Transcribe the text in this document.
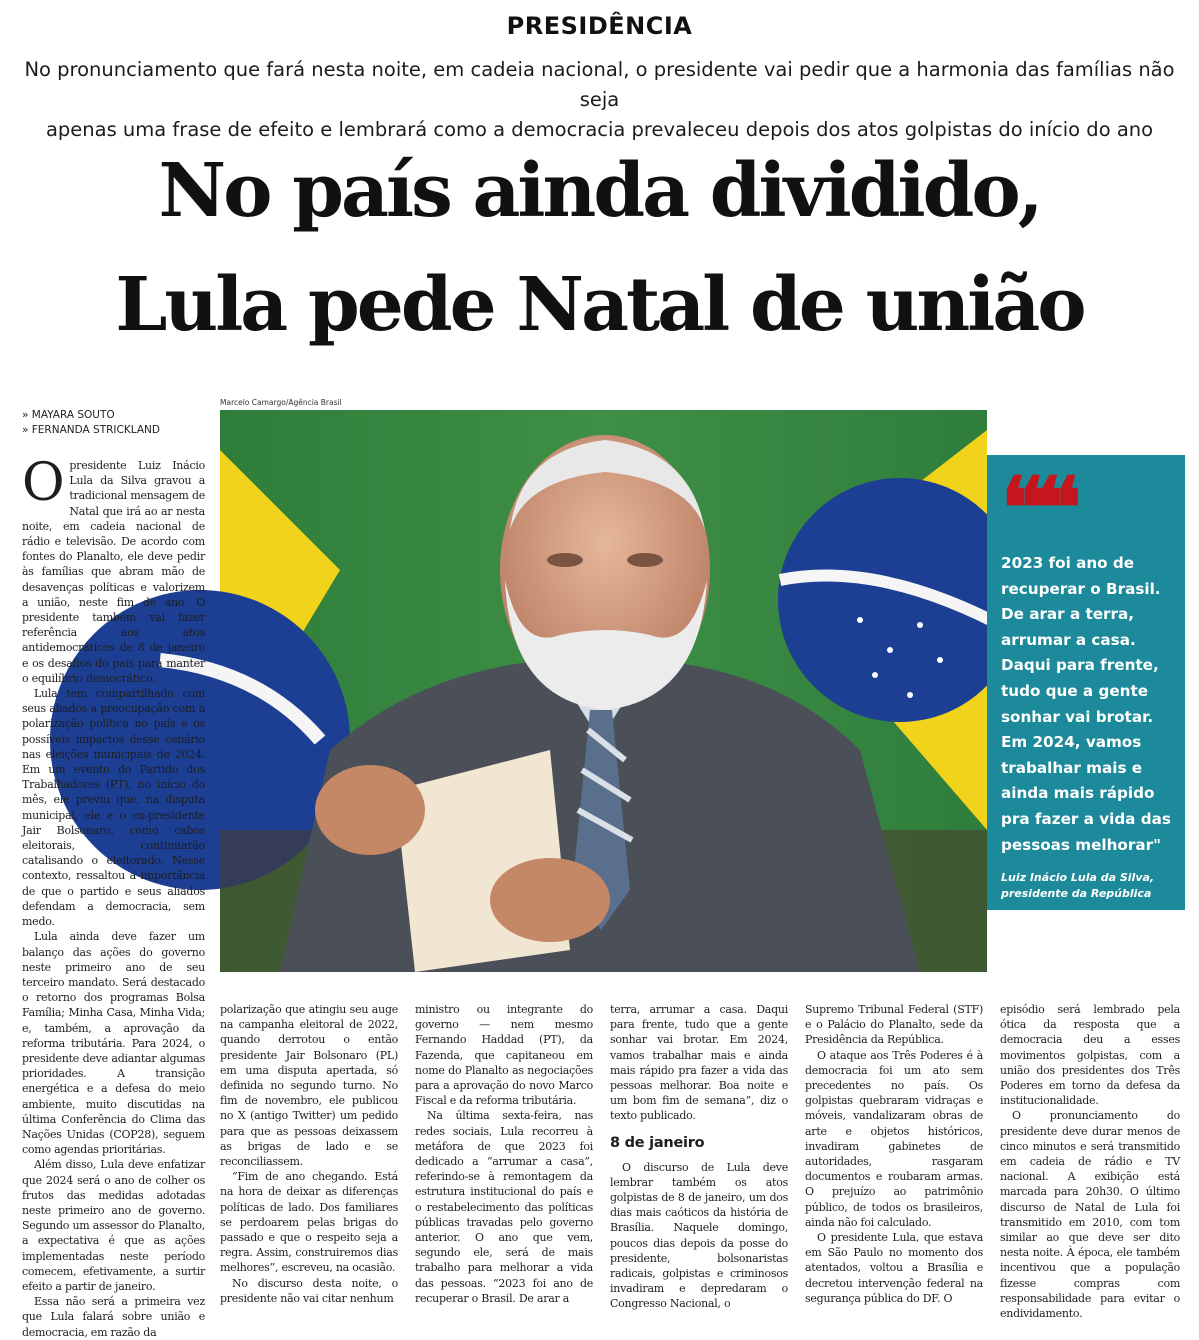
PRESIDÊNCIA
No pronunciamento que fará nesta noite, em cadeia nacional, o presidente vai pedir que a harmonia das famílias não seja
apenas uma frase de efeito e lembrará como a democracia prevaleceu depois dos atos golpistas do início do ano
No país ainda dividido,
Lula pede Natal de união
» MAYARA SOUTO
» FERNANDA STRICKLAND
Marcelo Camargo/Agência Brasil
❝❝
2023 foi ano de recuperar o Brasil. De arar a terra, arrumar a casa. Daqui para frente, tudo que a gente sonhar vai brotar. Em 2024, vamos trabalhar mais e ainda mais rápido pra fazer a vida das pessoas melhorar"
Luiz Inácio Lula da Silva,
presidente da República

Opresidente Luiz Inácio Lula da Silva gravou a tradicional mensagem de Natal que irá ao ar nesta noite, em cadeia nacional de rádio e televisão. De acordo com fontes do Planalto, ele deve pedir às famílias que abram mão de desavenças políticas e valorizem a união, neste fim de ano. O presidente também vai fazer referência aos atos antidemocráticos de 8 de janeiro e os desafios do país para manter o equilíbrio democrático.

Lula tem compartilhado com seus aliados a preocupação com a polarização política no país e os possíveis impactos desse cenário nas eleições municipais de 2024. Em um evento do Partido dos Trabalhadores (PT), no início do mês, ele previu que, na disputa municipal, ele e o ex-presidente Jair Bolsonaro, como cabos eleitorais, continuarão catalisando o eleitorado. Nesse contexto, ressaltou a importância de que o partido e seus aliados defendam a democracia, sem medo.

Lula ainda deve fazer um balanço das ações do governo neste primeiro ano de seu terceiro mandato. Será destacado o retorno dos programas Bolsa Família; Minha Casa, Minha Vida; e, também, a aprovação da reforma tributária. Para 2024, o presidente deve adiantar algumas prioridades. A transição energética e a defesa do meio ambiente, muito discutidas na última Conferência do Clima das Nações Unidas (COP28), seguem como agendas prioritárias.

Além disso, Lula deve enfatizar que 2024 será o ano de colher os frutos das medidas adotadas neste primeiro ano de governo. Segundo um assessor do Planalto, a expectativa é que as ações implementadas neste período comecem, efetivamente, a surtir efeito a partir de janeiro.

Essa não será a primeira vez que Lula falará sobre união e democracia, em razão da

polarização que atingiu seu auge na campanha eleitoral de 2022, quando derrotou o então presidente Jair Bolsonaro (PL) em uma disputa apertada, só definida no segundo turno. No fim de novembro, ele publicou no X (antigo Twitter) um pedido para que as pessoas deixassem as brigas de lado e se reconciliassem.

“Fim de ano chegando. Está na hora de deixar as diferenças políticas de lado. Dos familiares se perdoarem pelas brigas do passado e que o respeito seja a regra. Assim, construiremos dias melhores”, escreveu, na ocasião.

No discurso desta noite, o presidente não vai citar nenhum

ministro ou integrante do governo — nem mesmo Fernando Haddad (PT), da Fazenda, que capitaneou em nome do Planalto as negociações para a aprovação do novo Marco Fiscal e da reforma tributária.

Na última sexta-feira, nas redes sociais, Lula recorreu à metáfora de que 2023 foi dedicado a “arrumar a casa”, referindo-se à remontagem da estrutura institucional do país e o restabelecimento das políticas públicas travadas pelo governo anterior. O ano que vem, segundo ele, será de mais trabalho para melhorar a vida das pessoas. “2023 foi ano de recuperar o Brasil. De arar a

terra, arrumar a casa. Daqui para frente, tudo que a gente sonhar vai brotar. Em 2024, vamos trabalhar mais e ainda mais rápido pra fazer a vida das pessoas melhorar. Boa noite e um bom fim de semana”, diz o texto publicado.

8 de janeiro

O discurso de Lula deve lembrar também os atos golpistas de 8 de janeiro, um dos dias mais caóticos da história de Brasília. Naquele domingo, poucos dias depois da posse do presidente, bolsonaristas radicais, golpistas e criminosos invadiram e depredaram o Congresso Nacional, o

Supremo Tribunal Federal (STF) e o Palácio do Planalto, sede da Presidência da República.

O ataque aos Três Poderes é à democracia foi um ato sem precedentes no país. Os golpistas quebraram vidraças e móveis, vandalizaram obras de arte e objetos históricos, invadiram gabinetes de autoridades, rasgaram documentos e roubaram armas. O prejuízo ao patrimônio público, de todos os brasileiros, ainda não foi calculado.

O presidente Lula, que estava em São Paulo no momento dos atentados, voltou a Brasília e decretou intervenção federal na segurança pública do DF. O

episódio será lembrado pela ótica da resposta que a democracia deu a esses movimentos golpistas, com a união dos presidentes dos Três Poderes em torno da defesa da institucionalidade.

O pronunciamento do presidente deve durar menos de cinco minutos e será transmitido em cadeia de rádio e TV nacional. A exibição está marcada para 20h30. O último discurso de Natal de Lula foi transmitido em 2010, com tom similar ao que deve ser dito nesta noite. À época, ele também incentivou que a população fizesse compras com responsabilidade para evitar o endividamento.
